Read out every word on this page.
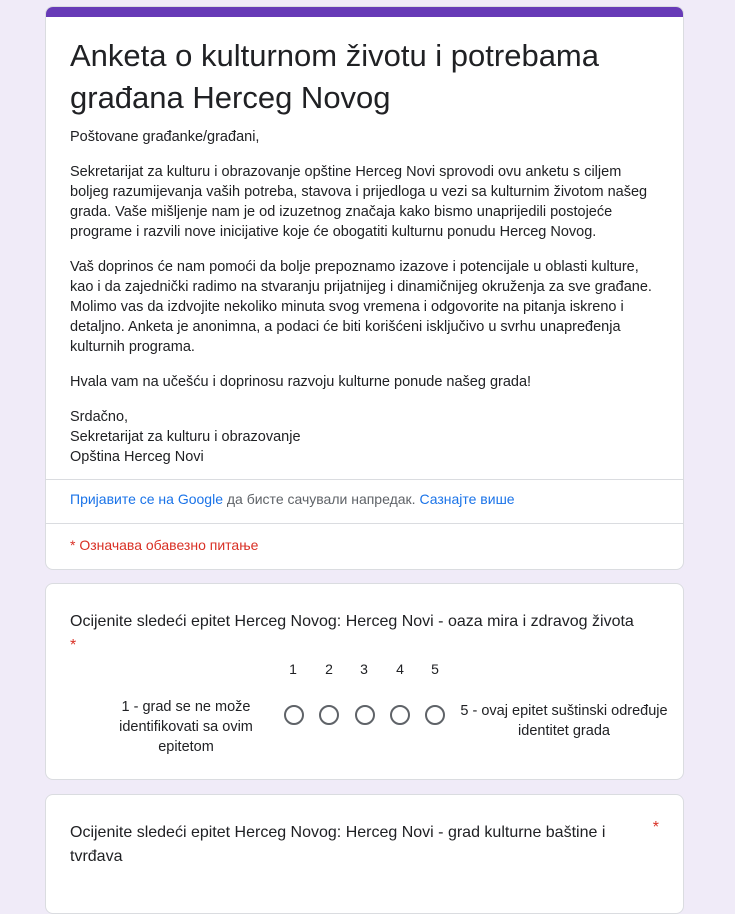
Anketa o kulturnom životu i potrebama građana Herceg Novog

Poštovane građanke/građani,

Sekretarijat za kulturu i obrazovanje opštine Herceg Novi sprovodi ovu anketu s ciljem boljeg razumijevanja vaših potreba, stavova i prijedloga u vezi sa kulturnim životom našeg grada. Vaše mišljenje nam je od izuzetnog značaja kako bismo unaprijedili postojeće programe i razvili nove inicijative koje će obogatiti kulturnu ponudu Herceg Novog.

Vaš doprinos će nam pomoći da bolje prepoznamo izazove i potencijale u oblasti kulture, kao i da zajednički radimo na stvaranju prijatnijeg i dinamičnijeg okruženja za sve građane. Molimo vas da izdvojite nekoliko minuta svog vremena i odgovorite na pitanja iskreno i detaljno. Anketa je anonimna, a podaci će biti korišćeni isključivo u svrhu unapređenja kulturnih programa.

Hvala vam na učešću i doprinosu razvoju kulturne ponude našeg grada!

Srdačno,

Sekretarijat za kulturu i obrazovanje

Opština Herceg Novi

Пријавите се на Google да бисте сачували напредак. Сазнајте више
* Означава обавезно питање
Ocijenite sledeći epitet Herceg Novog: Herceg Novi - oaza mira i zdravog života *
1	2	3	4	5
1 - grad se ne može identifikovati sa ovim epitetom
5 - ovaj epitet suštinski određuje identitet grada
Ocijenite sledeći epitet Herceg Novog: Herceg Novi - grad kulturne baštine i tvrđava
*
